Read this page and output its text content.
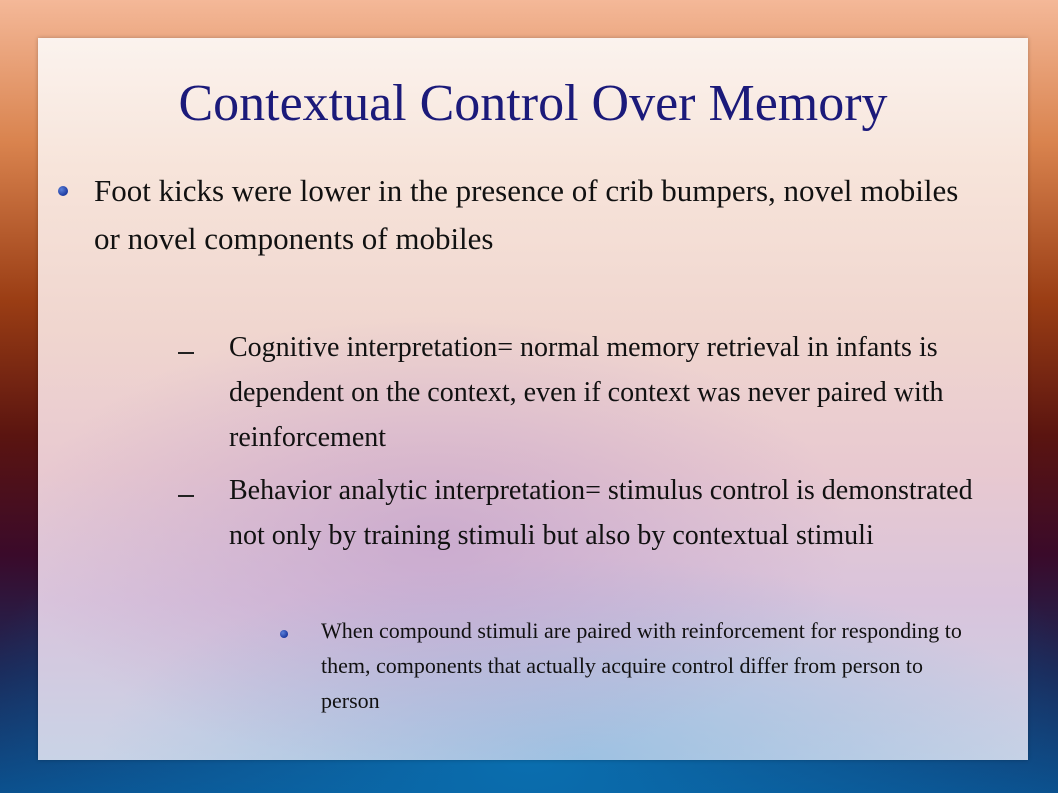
Contextual Control Over Memory
Foot kicks were lower in the presence of crib bumpers, novel mobiles or novel components of mobiles
Cognitive interpretation= normal memory retrieval in infants is dependent on the context, even if context was never paired with reinforcement
Behavior analytic interpretation= stimulus control is demonstrated not only by training stimuli but also by contextual stimuli
When compound stimuli are paired with reinforcement for responding to them, components that actually acquire control differ from person to person
